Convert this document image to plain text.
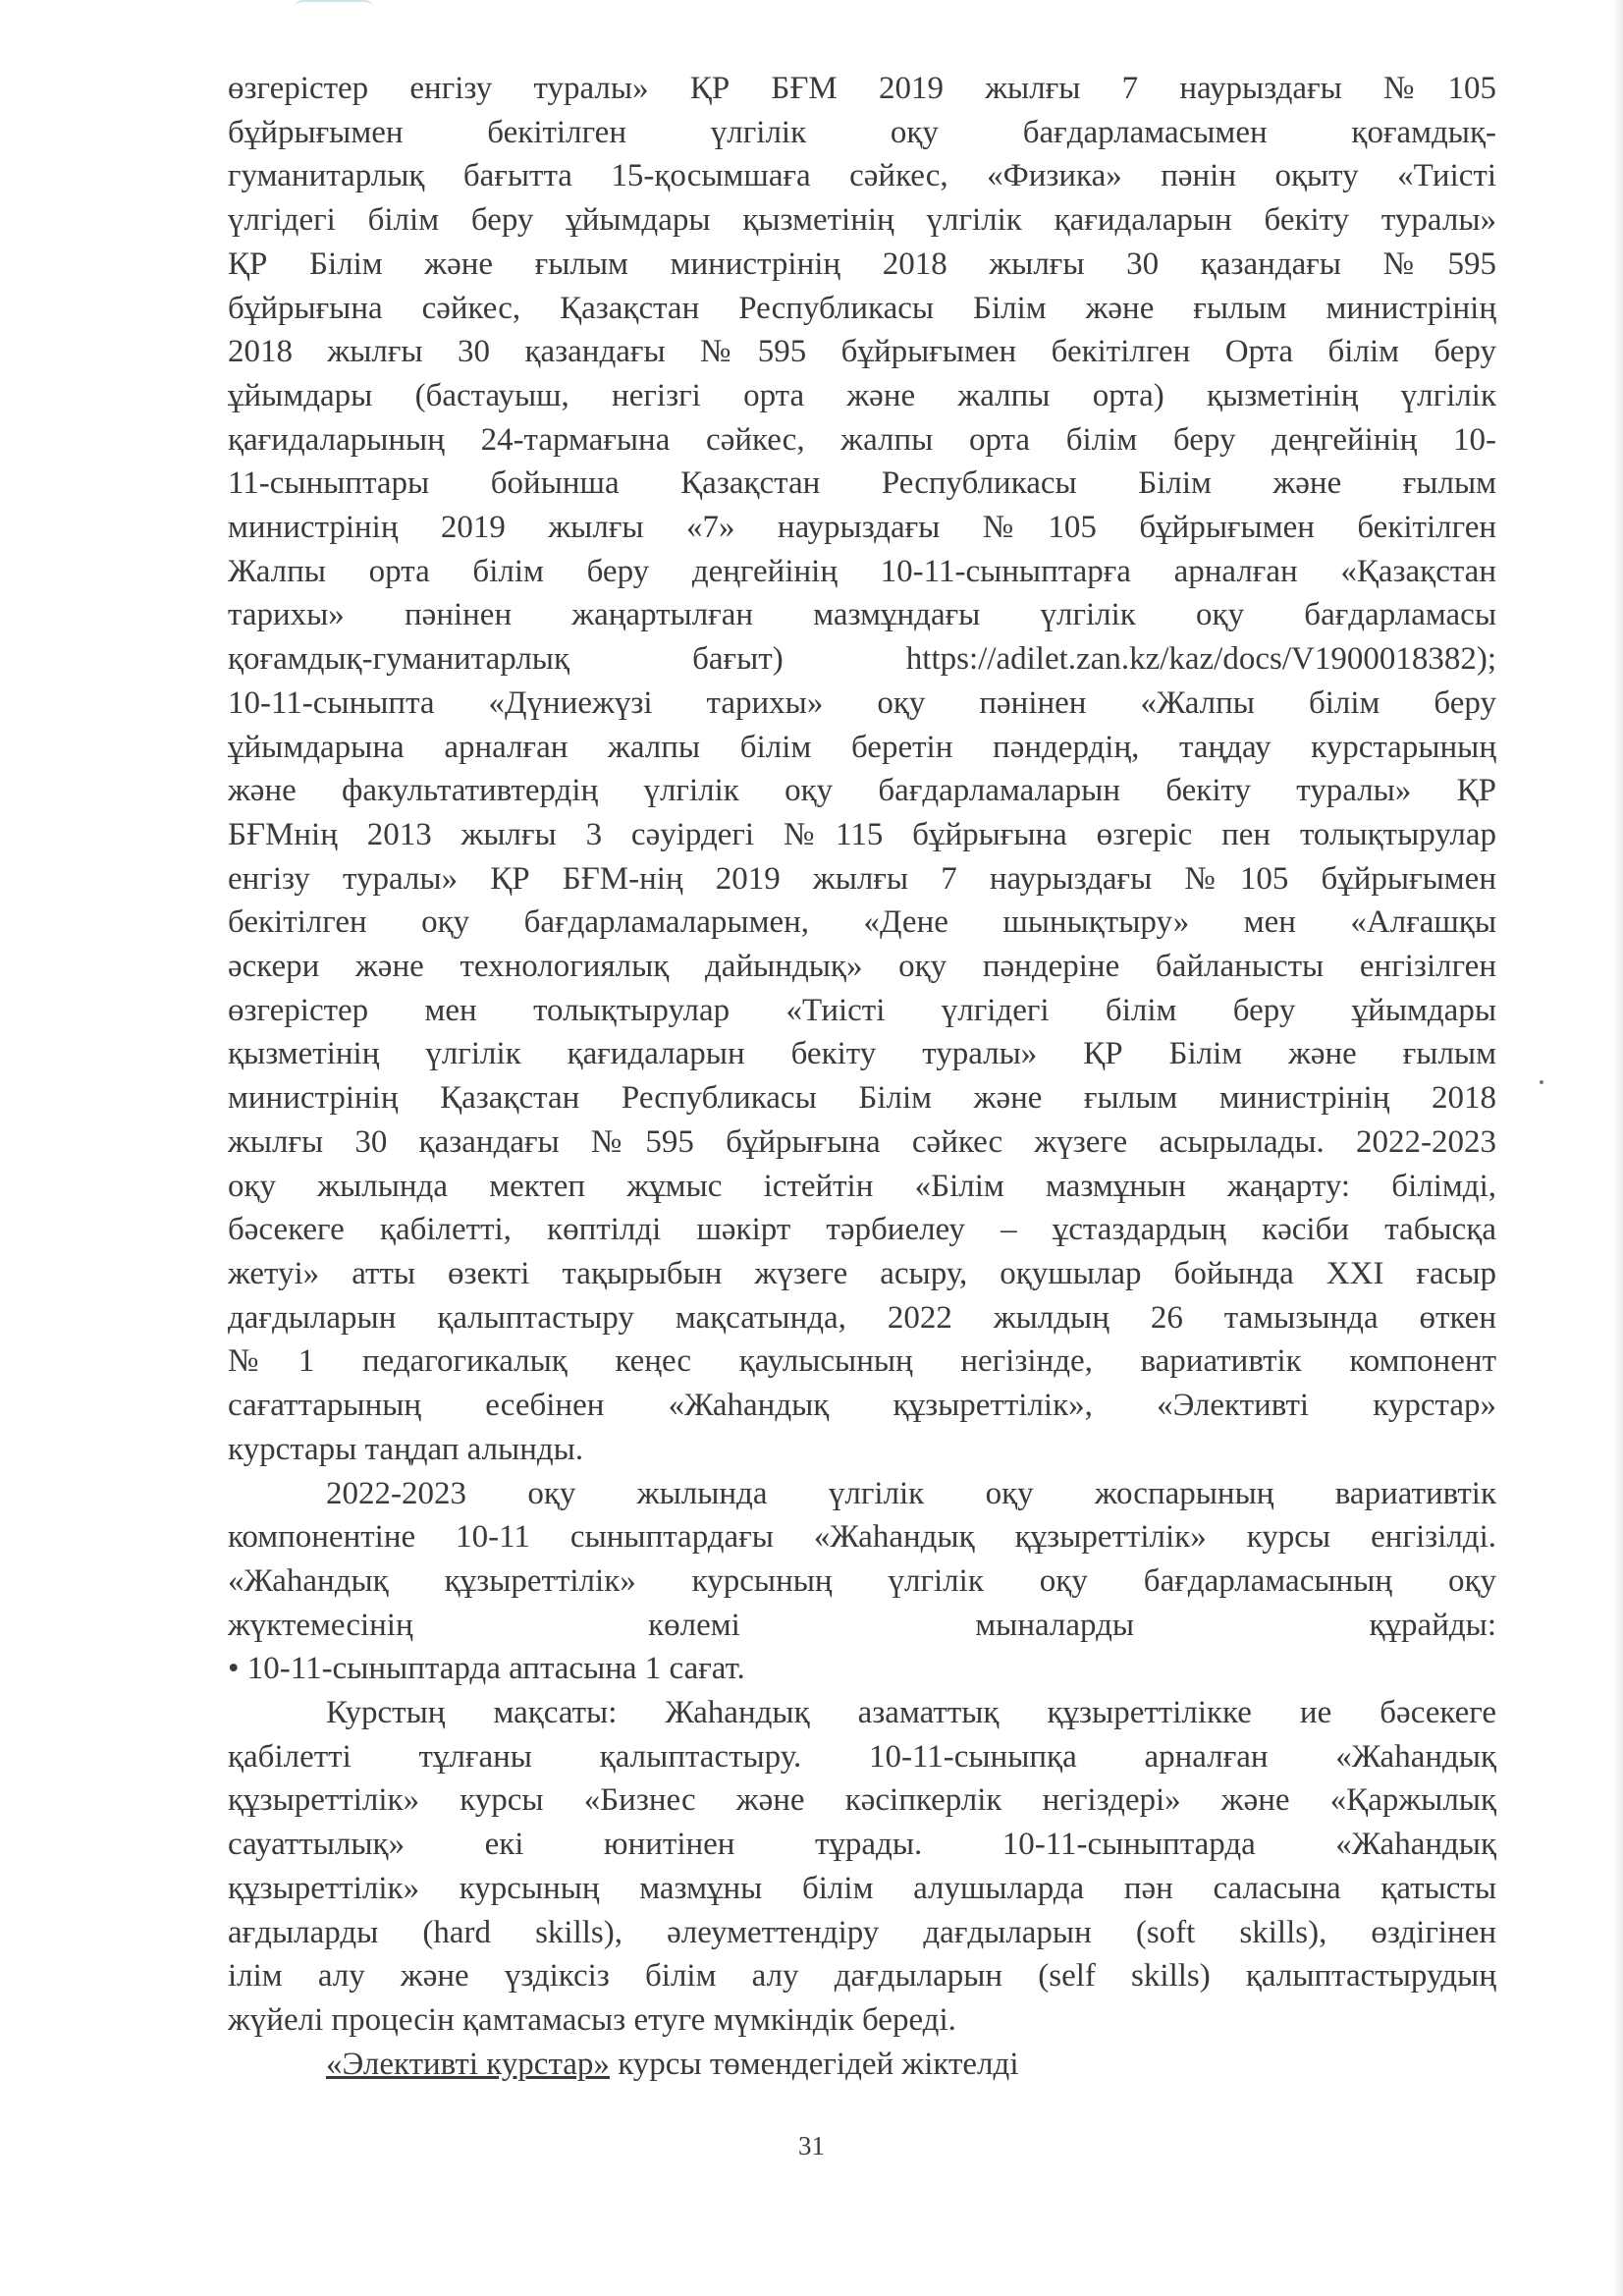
өзгерістер енгізу туралы» ҚР БҒМ 2019 жылғы 7 наурыздағы №105
бұйрығымен бекітілген үлгілік оқу бағдарламасымен қоғамдық-
гуманитарлық бағытта 15-қосымшаға сәйкес, «Физика» пәнін оқыту «Тиісті
үлгідегі білім беру ұйымдары қызметінің үлгілік қағидаларын бекіту туралы»
ҚР Білім және ғылым министрінің 2018 жылғы 30 қазандағы №595
бұйрығына сәйкес, Қазақстан Республикасы Білім және ғылым министрінің
2018 жылғы 30 қазандағы №595 бұйрығымен бекітілген Орта білім беру
ұйымдары (бастауыш, негізгі орта және жалпы орта) қызметінің үлгілік
қағидаларының 24-тармағына сәйкес, жалпы орта білім беру деңгейінің 10-
11-сыныптары бойынша Қазақстан Республикасы Білім және ғылым
министрінің 2019 жылғы «7» наурыздағы №105 бұйрығымен бекітілген
Жалпы орта білім беру деңгейінің 10-11-сыныптарға арналған «Қазақстан
тарихы» пәнінен жаңартылған мазмұндағы үлгілік оқу бағдарламасы
қоғамдық-гуманитарлық бағыт) https://adilet.zan.kz/kaz/docs/V1900018382);
10-11-сыныпта «Дүниежүзі тарихы» оқу пәнінен «Жалпы білім беру
ұйымдарына арналған жалпы білім беретін пәндердің, таңдау курстарының
және факультативтердің үлгілік оқу бағдарламаларын бекіту туралы» ҚР
БҒМнің 2013 жылғы 3 сәуірдегі №115 бұйрығына өзгеріс пен толықтырулар
енгізу туралы» ҚР БҒМ-нің 2019 жылғы 7 наурыздағы №105 бұйрығымен
бекітілген оқу бағдарламаларымен, «Дене шынықтыру» мен «Алғашқы
әскери және технологиялық дайындық» оқу пәндеріне байланысты енгізілген
өзгерістер мен толықтырулар «Тиісті үлгідегі білім беру ұйымдары
қызметінің үлгілік қағидаларын бекіту туралы» ҚР Білім және ғылым
министрінің Қазақстан Республикасы Білім және ғылым министрінің 2018
жылғы 30 қазандағы №595 бұйрығына сәйкес жүзеге асырылады. 2022-2023
оқу жылында мектеп жұмыс істейтін «Білім мазмұнын жаңарту: білімді,
бәсекеге қабілетті, көптілді шәкірт тәрбиелеу – ұстаздардың кәсіби табысқа
жетуі» атты өзекті тақырыбын жүзеге асыру, оқушылар бойында XXI ғасыр
дағдыларын қалыптастыру мақсатында, 2022 жылдың 26 тамызында өткен
№1 педагогикалық кеңес қаулысының негізінде, вариативтік компонент
сағаттарының есебінен «Жаһандық құзыреттілік», «Элективті курстар»
курстары таңдап алынды.
2022-2023 оқу жылында үлгілік оқу жоспарының вариативтік
компонентіне 10-11 сыныптардағы «Жаһандық құзыреттілік» курсы енгізілді.
«Жаһандық құзыреттілік» курсының үлгілік оқу бағдарламасының оқу
жүктемесінің көлемі мыналарды құрайды:
• 10-11-сыныптарда аптасына 1 сағат.
Курстың мақсаты: Жаһандық азаматтық құзыреттілікке ие бәсекеге
қабілетті тұлғаны қалыптастыру. 10-11-сыныпқа арналған «Жаһандық
құзыреттілік» курсы «Бизнес және кәсіпкерлік негіздері» және «Қаржылық
сауаттылық» екі юнитінен тұрады. 10-11-сыныптарда «Жаһандық
құзыреттілік» курсының мазмұны білім алушыларда пән саласына қатысты
ағдыларды (hard skills), әлеуметтендіру дағдыларын (soft skills), өздігінен
ілім алу және үздіксіз білім алу дағдыларын (self skills) қалыптастырудың
жүйелі процесін қамтамасыз етуге мүмкіндік береді.
«Элективті курстар» курсы төмендегідей жіктелді
31
